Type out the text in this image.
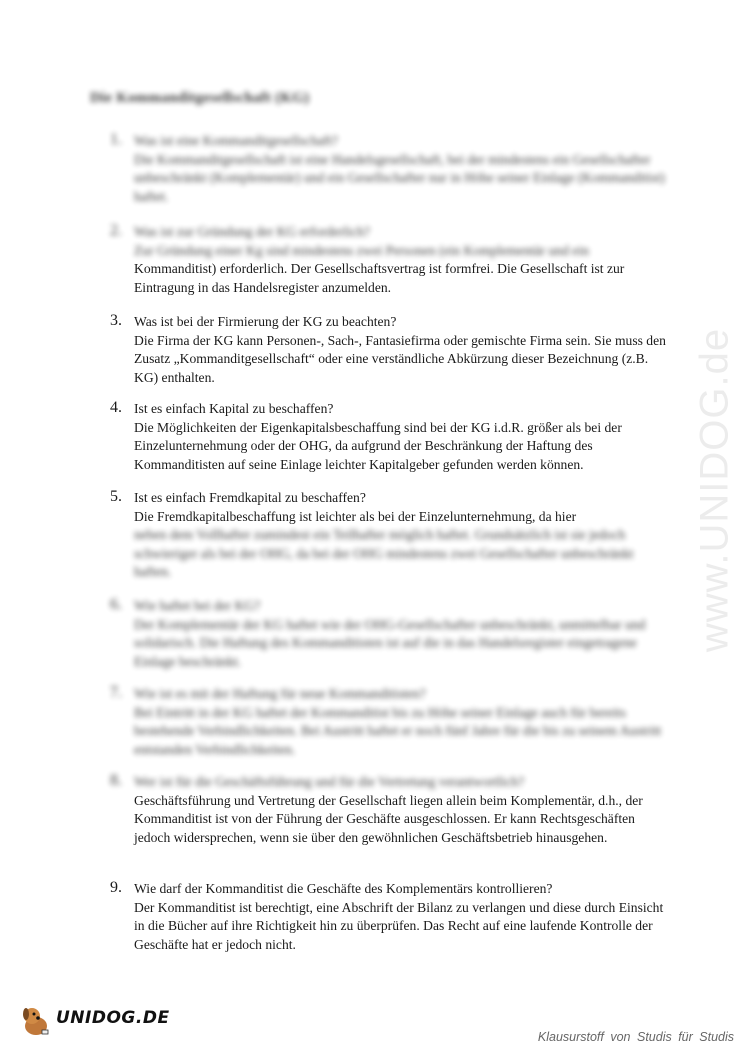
www.UNIDOG.de
Die Kommanditgesellschaft (KG)
1. Was ist eine Kommanditgesellschaft?
Die Kommanditgesellschaft ist eine Handelsgesellschaft, bei der mindestens ein Gesellschafter unbeschränkt (Komplementär) und ein Gesellschafter nur in Höhe seiner Einlage (Kommanditist) haftet.
2. Was ist zur Gründung der KG erforderlich?
Zur Gründung einer Kg sind mindestens zwei Personen (ein Komplementär und ein
Kommanditist) erforderlich. Der Gesellschaftsvertrag ist formfrei. Die Gesellschaft ist zur Eintragung in das Handelsregister anzumelden.
3. Was ist bei der Firmierung der KG zu beachten?
Die Firma der KG kann Personen-, Sach-, Fantasiefirma oder gemischte Firma sein. Sie muss den Zusatz „Kommanditgesellschaft“ oder eine verständliche Abkürzung dieser Bezeichnung (z.B. KG) enthalten.
4. Ist es einfach Kapital zu beschaffen?
Die Möglichkeiten der Eigenkapitalsbeschaffung sind bei der KG i.d.R. größer als bei der Einzelunternehmung oder der OHG, da aufgrund der Beschränkung der Haftung des Kommanditisten auf seine Einlage leichter Kapitalgeber gefunden werden können.
5. Ist es einfach Fremdkapital zu beschaffen?
Die Fremdkapitalbeschaffung ist leichter als bei der Einzelunternehmung, da hier
neben dem Vollhafter zumindest ein Teilhafter möglich haftet. Grundsätzlich ist sie jedoch schwieriger als bei der OHG, da bei der OHG mindestens zwei Gesellschafter unbeschränkt haften.
6. Wie haftet bei der KG?
Der Komplementär der KG haftet wie der OHG-Gesellschafter unbeschränkt, unmittelbar und solidarisch. Die Haftung des Kommanditisten ist auf die in das Handelsregister eingetragene Einlage beschränkt.
7. Wie ist es mit der Haftung für neue Kommanditisten?
Bei Eintritt in der KG haftet der Kommanditist bis zu Höhe seiner Einlage auch für bereits bestehende Verbindlichkeiten. Bei Austritt haftet er noch fünf Jahre für die bis zu seinem Austritt entstanden Verbindlichkeiten.
8. Wer ist für die Geschäftsführung und für die Vertretung verantwortlich?
Geschäftsführung und Vertretung der Gesellschaft liegen allein beim Komplementär, d.h., der Kommanditist ist von der Führung der Geschäfte ausgeschlossen. Er kann Rechtsgeschäften jedoch widersprechen, wenn sie über den gewöhnlichen Geschäftsbetrieb hinausgehen.
9. Wie darf der Kommanditist die Geschäfte des Komplementärs kontrollieren?
Der Kommanditist ist berechtigt, eine Abschrift der Bilanz zu verlangen und diese durch Einsicht in die Bücher auf ihre Richtigkeit hin zu überprüfen. Das Recht auf eine laufende Kontrolle der Geschäfte hat er jedoch nicht.
UNIDOG.DE
Klausurstoff von Studis für Studis
